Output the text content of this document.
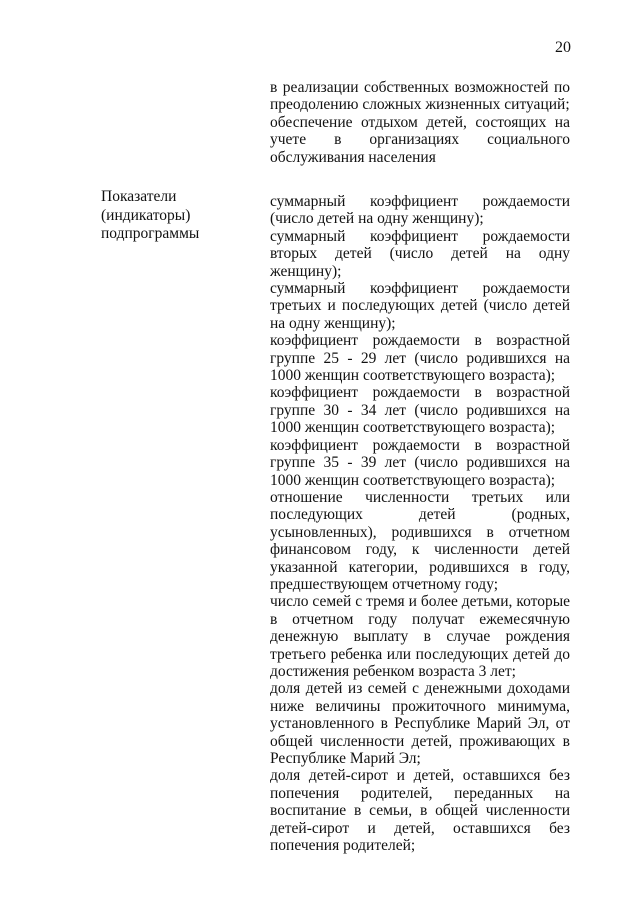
20

в реализации собственных возможностей по преодолению сложных жизненных ситуаций;

обеспечение отдыхом детей, состоящих на учете в организациях социального обслуживания населения

Показатели
(индикаторы)
подпрограммы

суммарный коэффициент рождаемости (число детей на одну женщину);

суммарный коэффициент рождаемости вторых детей (число детей на одну женщину);

суммарный коэффициент рождаемости третьих и последующих детей (число детей на одну женщину);

коэффициент рождаемости в возрастной группе 25 - 29 лет (число родившихся на 1000 женщин соответствующего возраста);

коэффициент рождаемости в возрастной группе 30 - 34 лет (число родившихся на 1000 женщин соответствующего возраста);

коэффициент рождаемости в возрастной группе 35 - 39 лет (число родившихся на 1000 женщин соответствующего возраста);

отношение численности третьих или последующих детей (родных, усыновленных), родившихся в отчетном финансовом году, к численности детей указанной категории, родившихся в году, предшествующем отчетному году;

число семей с тремя и более детьми, которые в отчетном году получат ежемесячную денежную выплату в случае рождения третьего ребенка или последующих детей до достижения ребенком возраста 3 лет;

доля детей из семей с денежными доходами ниже величины прожиточного минимума, установленного в Республике Марий Эл, от общей численности детей, проживающих в Республике Марий Эл;

доля детей-сирот и детей, оставшихся без попечения родителей, переданных на воспитание в семьи, в общей численности детей-сирот и детей, оставшихся без попечения родителей;
